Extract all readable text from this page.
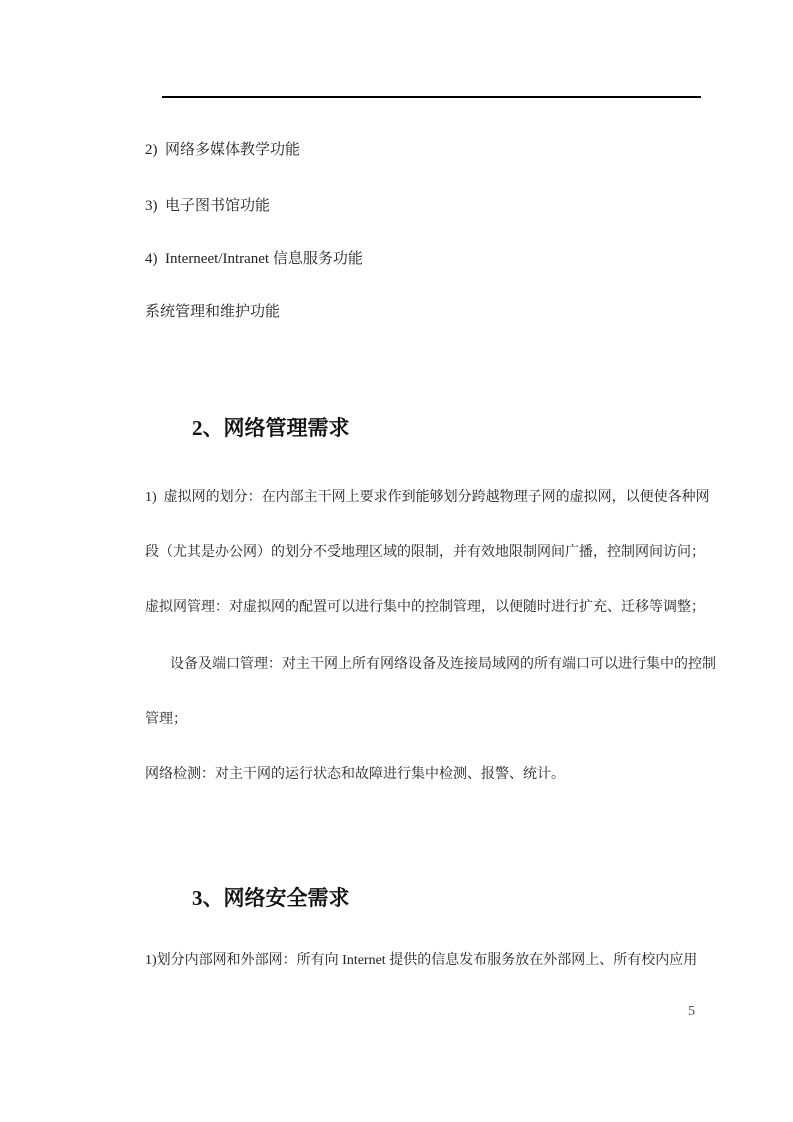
2)  网络多媒体教学功能
3)  电子图书馆功能
4)  Interneet/Intranet 信息服务功能
系统管理和维护功能
2、网络管理需求
1)  虚拟网的划分：在内部主干网上要求作到能够划分跨越物理子网的虚拟网，以便使各种网
段（尤其是办公网）的划分不受地理区域的限制，并有效地限制网间广播，控制网间访问；
虚拟网管理：对虚拟网的配置可以进行集中的控制管理，以便随时进行扩充、迁移等调整；
设备及端口管理：对主干网上所有网络设备及连接局域网的所有端口可以进行集中的控制
管理；
网络检测：对主干网的运行状态和故障进行集中检测、报警、统计。
3、网络安全需求
1)划分内部网和外部网：所有向 Internet 提供的信息发布服务放在外部网上、所有校内应用
5
